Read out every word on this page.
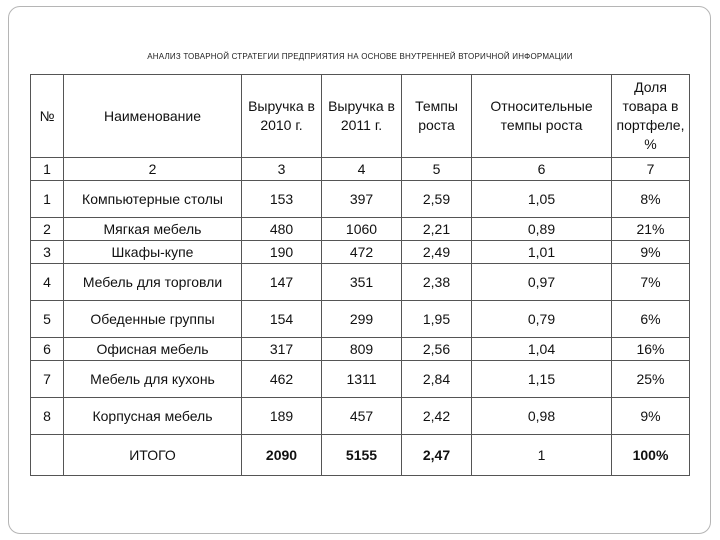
АНАЛИЗ ТОВАРНОЙ СТРАТЕГИИ ПРЕДПРИЯТИЯ НА ОСНОВЕ ВНУТРЕННЕЙ ВТОРИЧНОЙ ИНФОРМАЦИИ
№	Наименование	Выручка в 2010 г.	Выручка в 2011 г.	Темпы роста	Относительные темпы роста	Доля товара в портфеле, %
1	2	3	4	5	6	7
1	Компьютерные столы	153	397	2,59	1,05	8%
2	Мягкая мебель	480	1060	2,21	0,89	21%
3	Шкафы-купе	190	472	2,49	1,01	9%
4	Мебель для торговли	147	351	2,38	0,97	7%
5	Обеденные группы	154	299	1,95	0,79	6%
6	Офисная мебель	317	809	2,56	1,04	16%
7	Мебель для кухонь	462	1311	2,84	1,15	25%
8	Корпусная мебель	189	457	2,42	0,98	9%
	ИТОГО	2090	5155	2,47	1	100%
